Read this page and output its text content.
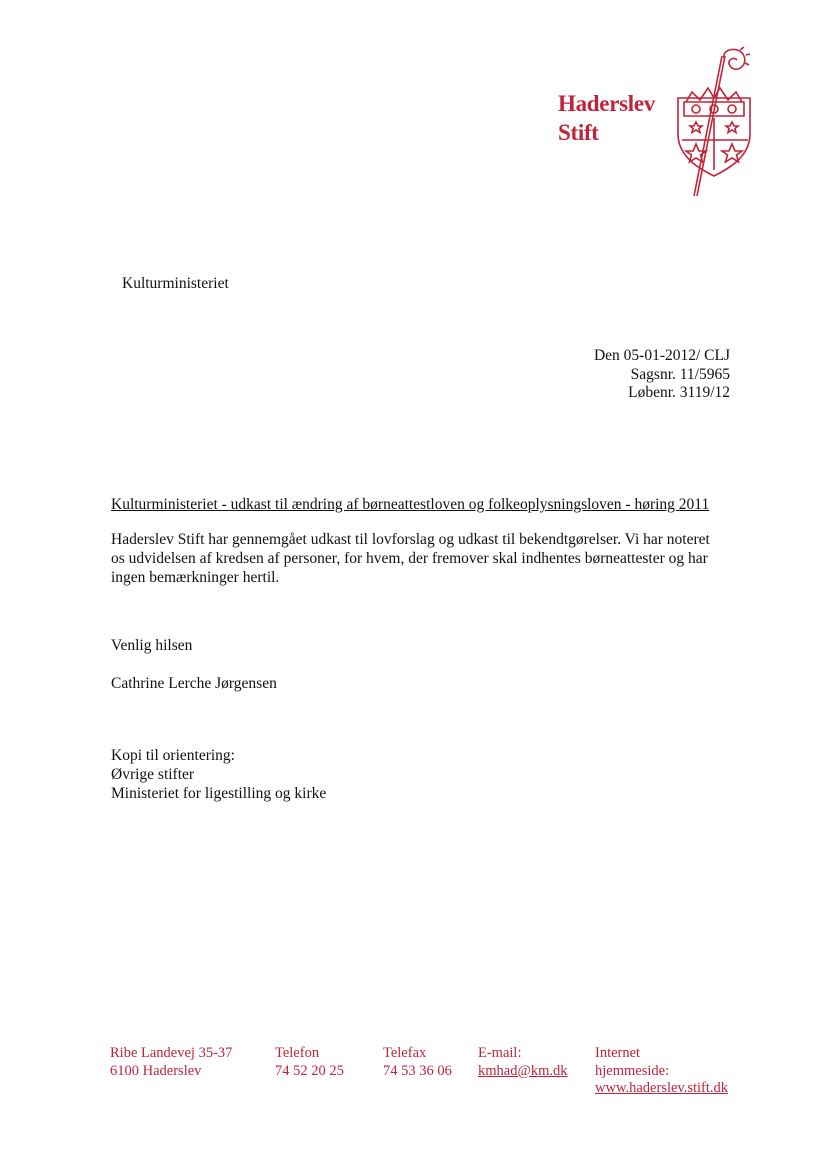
Haderslev
Stift
Kulturministeriet
Den 05-01-2012/ CLJ
Sagsnr. 11/5965
Løbenr. 3119/12
Kulturministeriet - udkast til ændring af børneattestloven og folkeoplysningsloven - høring 2011
Haderslev Stift har gennemgået udkast til lovforslag og udkast til bekendtgørelser. Vi har noteret
os udvidelsen af kredsen af personer, for hvem, der fremover skal indhentes børneattester og har
ingen bemærkninger hertil.
Venlig hilsen
Cathrine Lerche Jørgensen
Kopi til orientering:
Øvrige stifter
Ministeriet for ligestilling og kirke
Ribe Landevej 35-37
6100 Haderslev
Telefon
74 52 20 25
Telefax
74 53 36 06
E-mail:
kmhad@km.dk
Internet
hjemmeside:
www.haderslev.stift.dk
